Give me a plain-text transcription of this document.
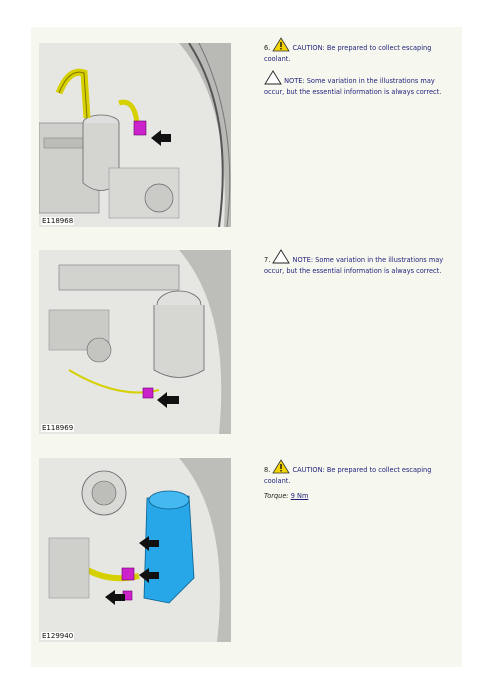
E118968
E118969
E129940

6.	CAUTION: Be prepared to collect escaping coolant.

NOTE: Some variation in the illustrations may occur, but the essential information is always correct.

7.	NOTE: Some variation in the illustrations may occur, but the essential information is always correct.

8.	CAUTION: Be prepared to collect escaping coolant.

Torque: 9 Nm
